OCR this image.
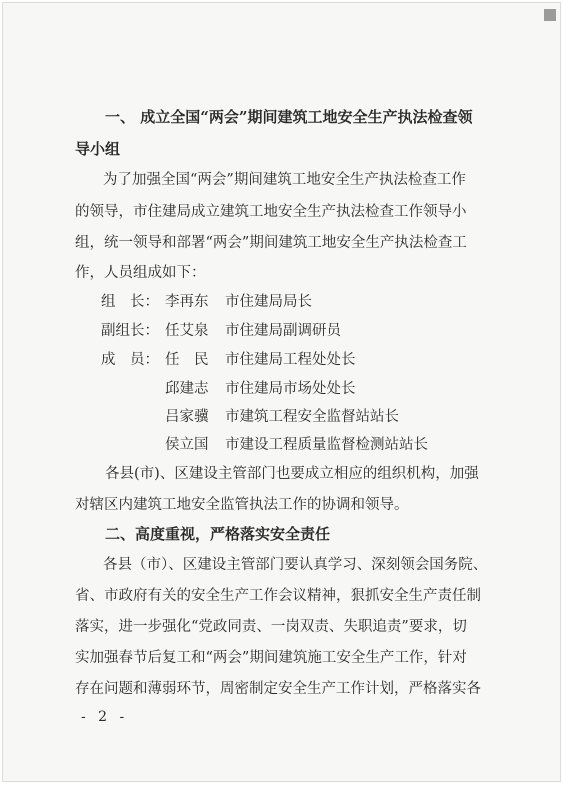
一、 成立全国“两会”期间建筑工地安全生产执法检查领
导小组
为了加强全国“两会”期间建筑工地安全生产执法检查工作
的领导，市住建局成立建筑工地安全生产执法检查工作领导小
组，统一领导和部署“两会”期间建筑工地安全生产执法检查工
作，人员组成如下：
组　长： 李再东 市住建局局长
副组长： 任艾泉 市住建局副调研员
成　员： 任　民 市住建局工程处处长
邱建志 市住建局市场处处长
吕家骥 市建筑工程安全监督站站长
侯立国 市建设工程质量监督检测站站长
各县(市)、区建设主管部门也要成立相应的组织机构，加强
对辖区内建筑工地安全监管执法工作的协调和领导。
二、高度重视，严格落实安全责任
各县（市）、区建设主管部门要认真学习、深刻领会国务院、
省、市政府有关的安全生产工作会议精神，狠抓安全生产责任制
落实，进一步强化“党政同责、一岗双责、失职追责”要求，切
实加强春节后复工和“两会”期间建筑施工安全生产工作，针对
存在问题和薄弱环节，周密制定安全生产工作计划，严格落实各
- 2 -
